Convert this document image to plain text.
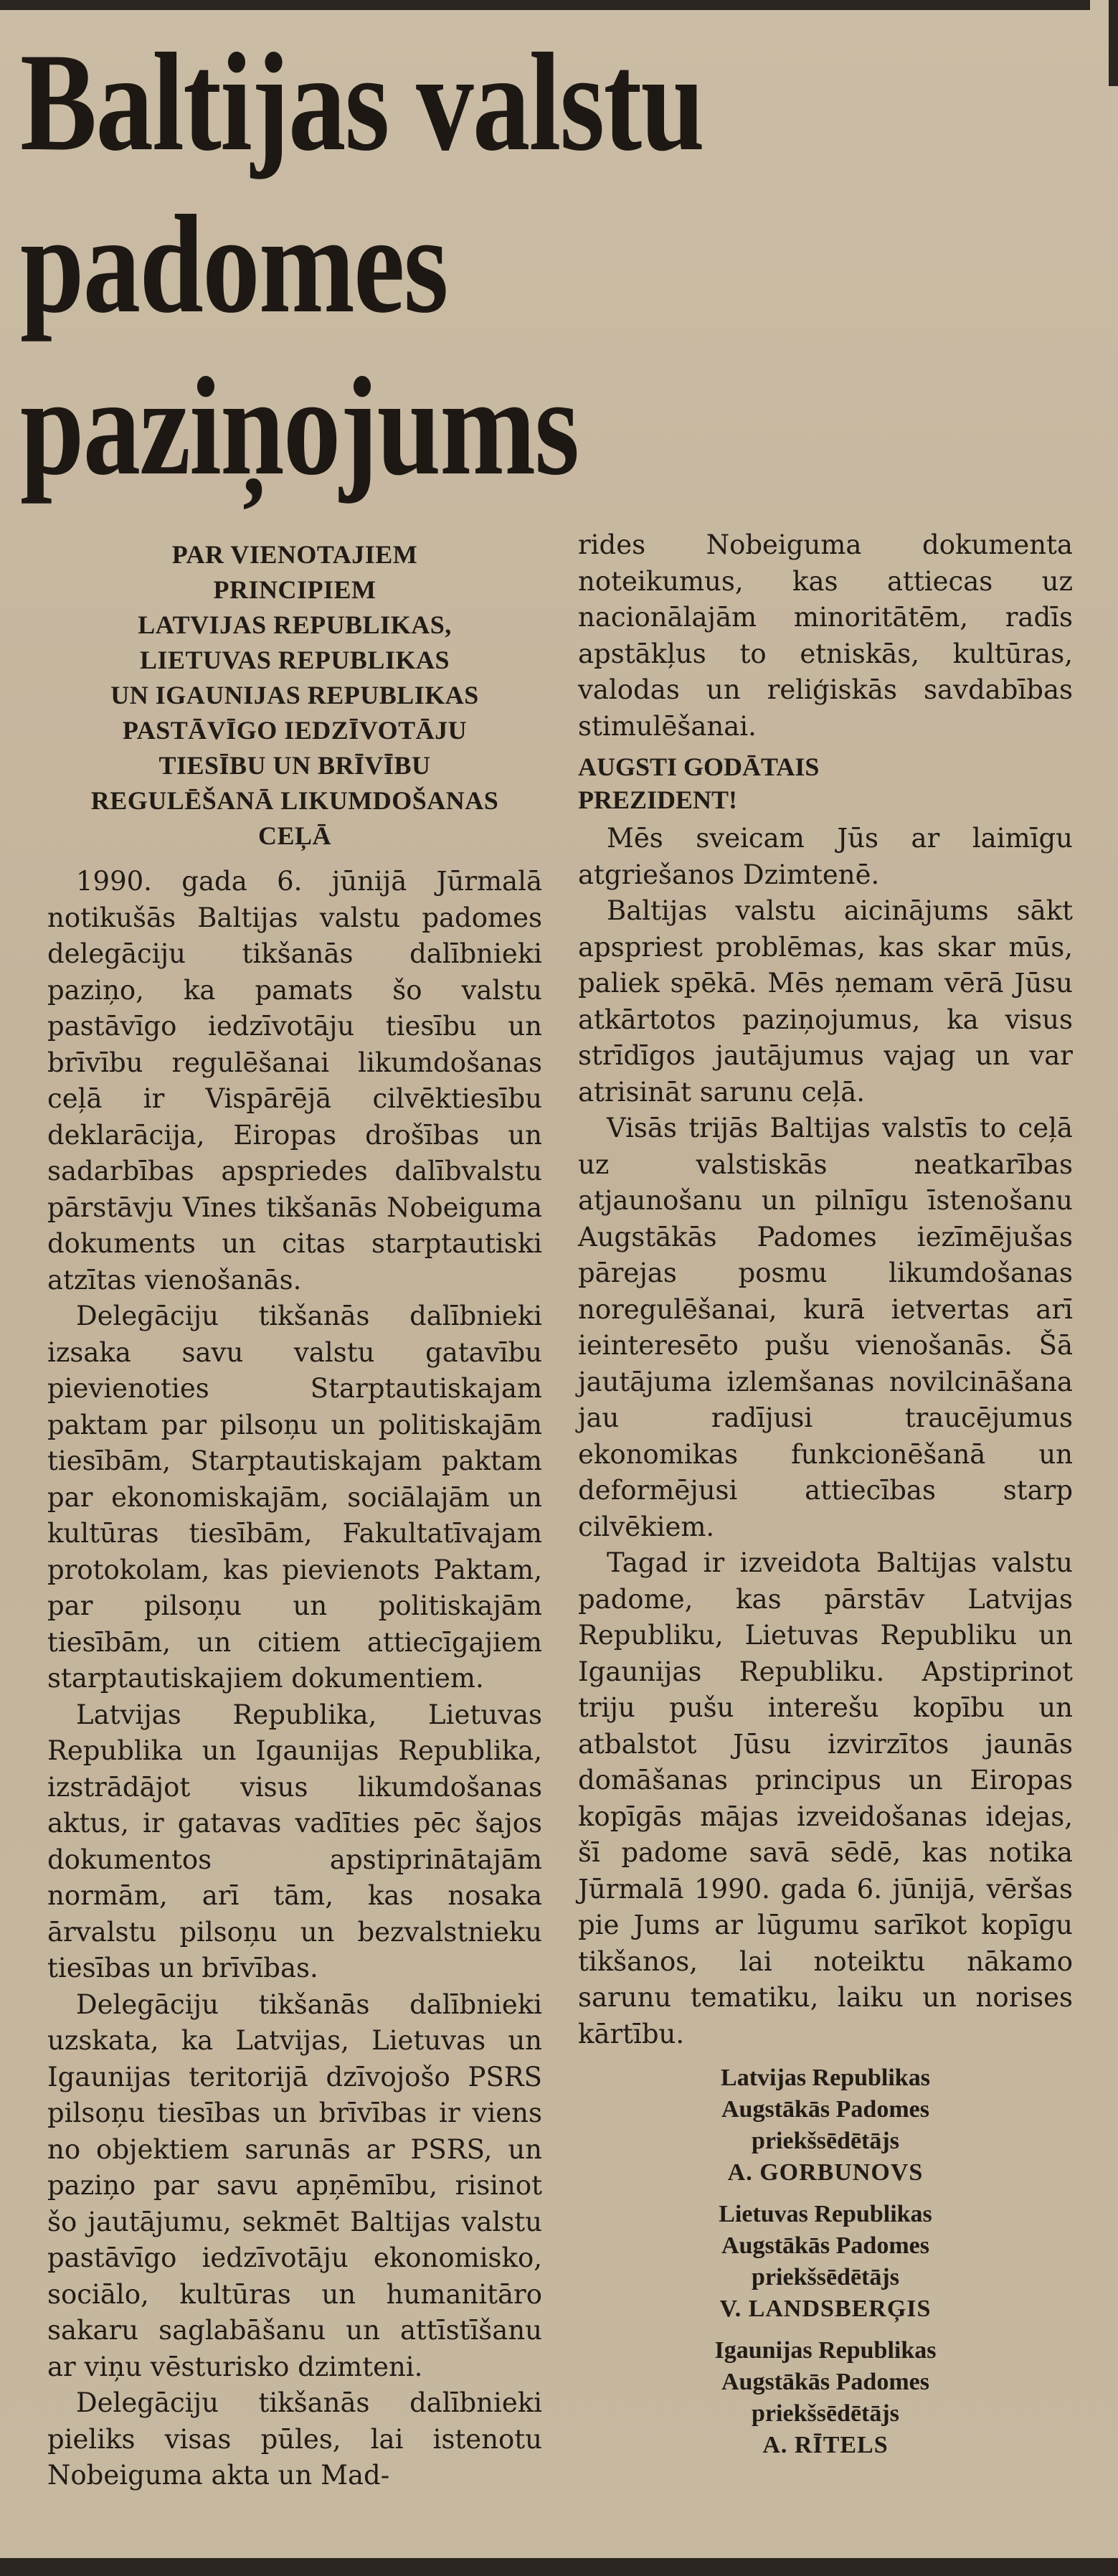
Baltijas valstu
padomes
paziņojums
PAR VIENOTAJIEM
PRINCIPIEM
LATVIJAS REPUBLIKAS,
LIETUVAS REPUBLIKAS
UN IGAUNIJAS REPUBLIKAS
PASTĀVĪGO IEDZĪVOTĀJU
TIESĪBU UN BRĪVĪBU
REGULĒŠANĀ LIKUMDOŠANAS
CEĻĀ

1990. gada 6. jūnijā Jūrmalā notikušās Baltijas valstu padomes delegāciju tikšanās dalībnieki paziņo, ka pamats šo valstu pastāvīgo iedzīvotāju tiesību un brīvību regulēšanai likumdošanas ceļā ir Vispārējā cilvēktiesību deklarācija, Eiropas drošības un sadarbības apspriedes dalībvalstu pārstāvju Vīnes tikšanās Nobeiguma dokuments un citas starptautiski atzītas vienošanās.

Delegāciju tikšanās dalībnieki izsaka savu valstu gatavību pievienoties Starptautiskajam paktam par pilsoņu un politiskajām tiesībām, Starptautiskajam paktam par ekonomiskajām, sociālajām un kultūras tiesībām, Fakultatīvajam protokolam, kas pievienots Paktam, par pilsoņu un politiskajām tiesībām, un citiem attiecīgajiem starptautiskajiem dokumentiem.

Latvijas Republika, Lietuvas Republika un Igaunijas Republika, izstrādājot visus likumdošanas aktus, ir gatavas vadīties pēc šajos dokumentos apstiprinātajām normām, arī tām, kas nosaka ārvalstu pilsoņu un bezvalstnieku tiesības un brīvības.

Delegāciju tikšanās dalībnieki uzskata, ka Latvijas, Lietuvas un Igaunijas teritorijā dzīvojošo PSRS pilsoņu tiesības un brīvības ir viens no objektiem sarunās ar PSRS, un paziņo par savu apņēmību, risinot šo jautājumu, sekmēt Baltijas valstu pastāvīgo iedzīvotāju ekonomisko, sociālo, kultūras un humanitāro sakaru saglabāšanu un attīstīšanu ar viņu vēsturisko dzimteni.

Delegāciju tikšanās dalībnieki pieliks visas pūles, lai istenotu Nobeiguma akta un Mad-

rides Nobeiguma dokumenta noteikumus, kas attiecas uz nacionālajām minoritātēm, radīs apstākļus to etniskās, kultūras, valodas un reliģiskās savdabības stimulēšanai.

AUGSTI GODĀTAIS
PREZIDENT!

Mēs sveicam Jūs ar laimīgu atgriešanos Dzimtenē.

Baltijas valstu aicinājums sākt apspriest problēmas, kas skar mūs, paliek spēkā. Mēs ņemam vērā Jūsu atkārtotos paziņojumus, ka visus strīdīgos jautājumus vajag un var atrisināt sarunu ceļā.

Visās trijās Baltijas valstīs to ceļā uz valstiskās neatkarības atjaunošanu un pilnīgu īstenošanu Augstākās Padomes iezīmējušas pārejas posmu likumdošanas noregulēšanai, kurā ietvertas arī ieinteresēto pušu vienošanās. Šā jautājuma izlemšanas novilcināšana jau radījusi traucējumus ekonomikas funkcionēšanā un deformējusi attiecības starp cilvēkiem.

Tagad ir izveidota Baltijas valstu padome, kas pārstāv Latvijas Republiku, Lietuvas Republiku un Igaunijas Republiku. Apstiprinot triju pušu interešu kopību un atbalstot Jūsu izvirzītos jaunās domāšanas principus un Eiropas kopīgās mājas izveidošanas idejas, šī padome savā sēdē, kas notika Jūrmalā 1990. gada 6. jūnijā, vēršas pie Jums ar lūgumu sarīkot kopīgu tikšanos, lai noteiktu nākamo sarunu tematiku, laiku un norises kārtību.

Latvijas Republikas
Augstākās Padomes
priekšsēdētājs
A. GORBUNOVS
Lietuvas Republikas
Augstākās Padomes
priekšsēdētājs
V. LANDSBERĢIS
Igaunijas Republikas
Augstākās Padomes
priekšsēdētājs
A. RĪTELS
